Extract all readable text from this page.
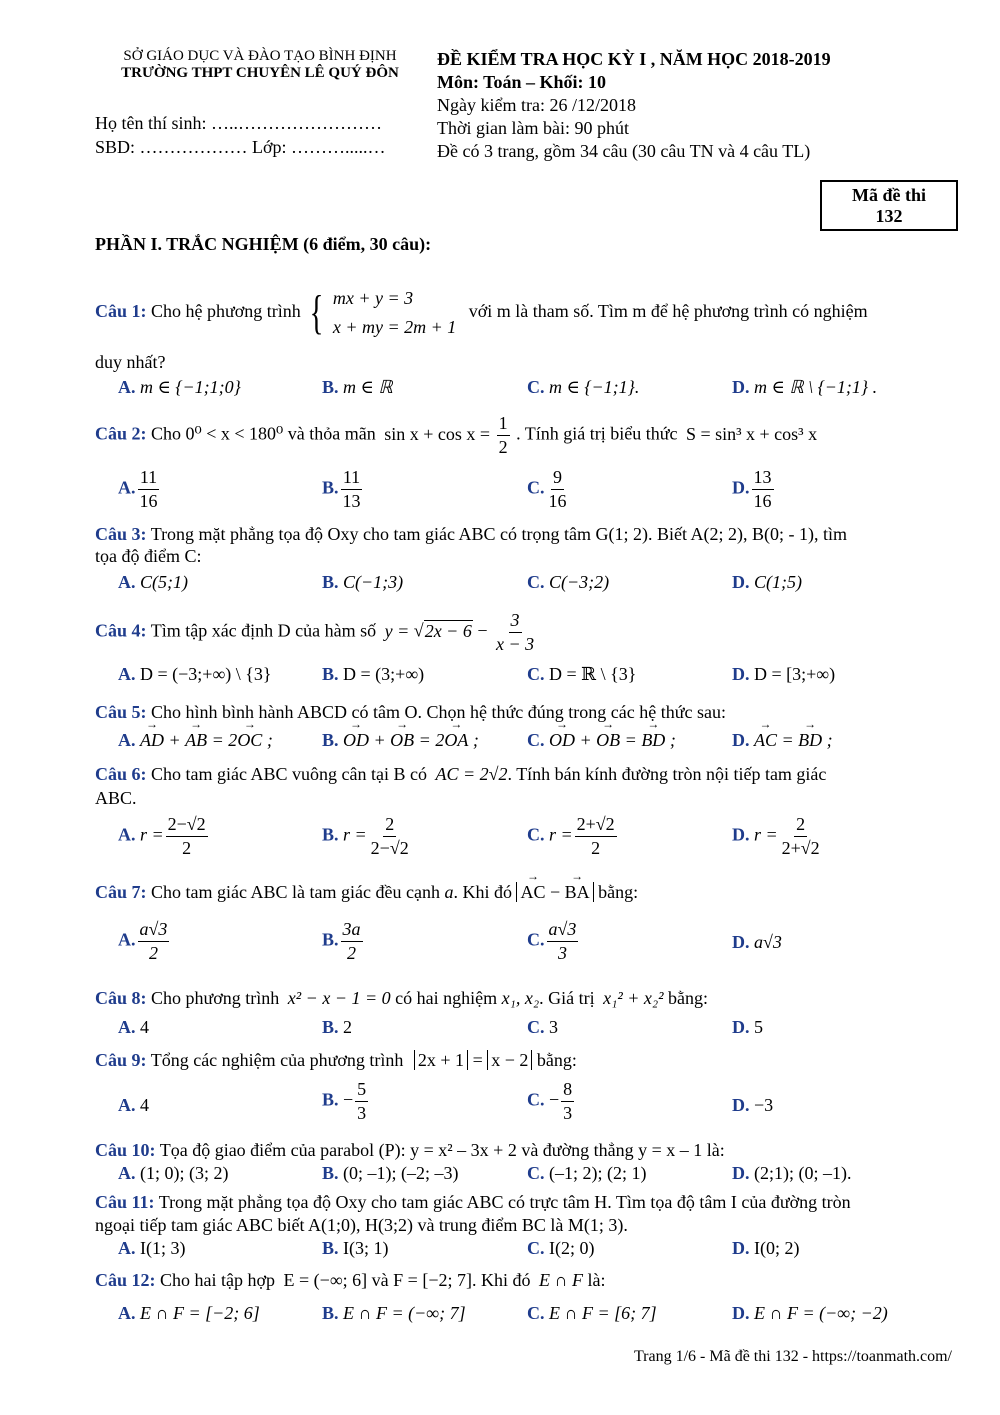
SỞ GIÁO DỤC VÀ ĐÀO TẠO BÌNH ĐỊNH
TRƯỜNG THPT CHUYÊN LÊ QUÝ ĐÔN
Họ tên thí sinh: …..……………………
SBD: ……………… Lớp: ……….....…
ĐỀ KIỂM TRA HỌC KỲ I , NĂM HỌC 2018-2019
Môn: Toán – Khối: 10
Ngày kiểm tra: 26 /12/2018
Thời gian làm bài: 90 phút
Đề có 3 trang, gồm 34 câu (30 câu TN và 4 câu TL)
Mã đề thi
132
PHẦN I. TRẮC NGHIỆM (6 điểm, 30 câu):
Câu 1: Cho hệ phương trình { mx + y = 3
x + my = 2m + 1
với m là tham số. Tìm m để hệ phương trình có nghiệm
duy nhất?
A. m ∈ {−1;1;0}	B. m ∈ ℝ	C. m ∈ {−1;1}.	D. m ∈ ℝ \ {−1;1} .
Câu 2: Cho 0⁰ < x < 180⁰ và thỏa mãn $\sin x + \cos x = \frac{1}{2}$ . Tính giá trị biểu thức S = sin³ x + cos³ x
A. $\frac{11}{16}$	B. $\frac{11}{13}$	C. $\frac{9}{16}$	D. $\frac{13}{16}$
Câu 3: Trong mặt phẳng tọa độ Oxy cho tam giác ABC có trọng tâm G(1; 2). Biết A(2; 2), B(0; - 1), tìm
tọa độ điểm C:
A. C(5;1)	B. C(−1;3)	C. C(−3;2)	D. C(1;5)
Câu 4: Tìm tập xác định D của hàm số $y = √2x - 6 - \frac{3}{x - 3}$
A. D = (−3;+∞) \ {3}	B. D = (3;+∞)	C. D = ℝ \ {3}	D. D = [3;+∞)
Câu 5: Cho hình bình hành ABCD có tâm O. Chọn hệ thức đúng trong các hệ thức sau:
A. → AD + → AB = 2→ OC ;	B. → OD + → OB = 2→ OA ;	C. → OD + → OB = → BD ;	D. → AC = → BD ;
Câu 6: Cho tam giác ABC vuông cân tại B có AC = 2√2. Tính bán kính đường tròn nội tiếp tam giác
ABC.
A. $r = \frac{2-√2}{2}$	B. $r = \frac{2}{2-√2}$	C. $r = \frac{2+√2}{2}$	D. $r = \frac{2}{2+√2}$
Câu 7: Cho tam giác ABC là tam giác đều cạnh a. Khi đó → AC − → BA bằng:
A. $\frac{a√3}{2}$	B. $\frac{3a}{2}$	C. $\frac{a√3}{3}$	D. a√3
Câu 8: Cho phương trình x² − x − 1 = 0 có hai nghiệm x₁, x₂. Giá trị x₁² + x₂² bằng:
A. 4	B. 2	C. 3	D. 5
Câu 9: Tổng các nghiệm của phương trình 2x + 1 = x − 2 bằng:
A. 4	B. − $\frac{5}{3}$	C. − $\frac{8}{3}$	D. −3
Câu 10: Tọa độ giao điểm của parabol (P): y = x² – 3x + 2 và đường thẳng y = x – 1 là:
A. (1; 0); (3; 2)	B. (0; –1); (–2; –3)	C. (–1; 2); (2; 1)	D. (2;1); (0; –1).
Câu 11: Trong mặt phẳng tọa độ Oxy cho tam giác ABC có trực tâm H. Tìm tọa độ tâm I của đường tròn
ngoại tiếp tam giác ABC biết A(1;0), H(3;2) và trung điểm BC là M(1; 3).
A. I(1; 3)	B. I(3; 1)	C. I(2; 0)	D. I(0; 2)
Câu 12: Cho hai tập hợp E = (−∞; 6] và F = [−2; 7]. Khi đó E ∩ F là:
A. E ∩ F = [−2; 6]	B. E ∩ F = (−∞; 7]	C. E ∩ F = [6; 7]	D. E ∩ F = (−∞; −2)
Trang 1/6 - Mã đề thi 132 - https://toanmath.com/
